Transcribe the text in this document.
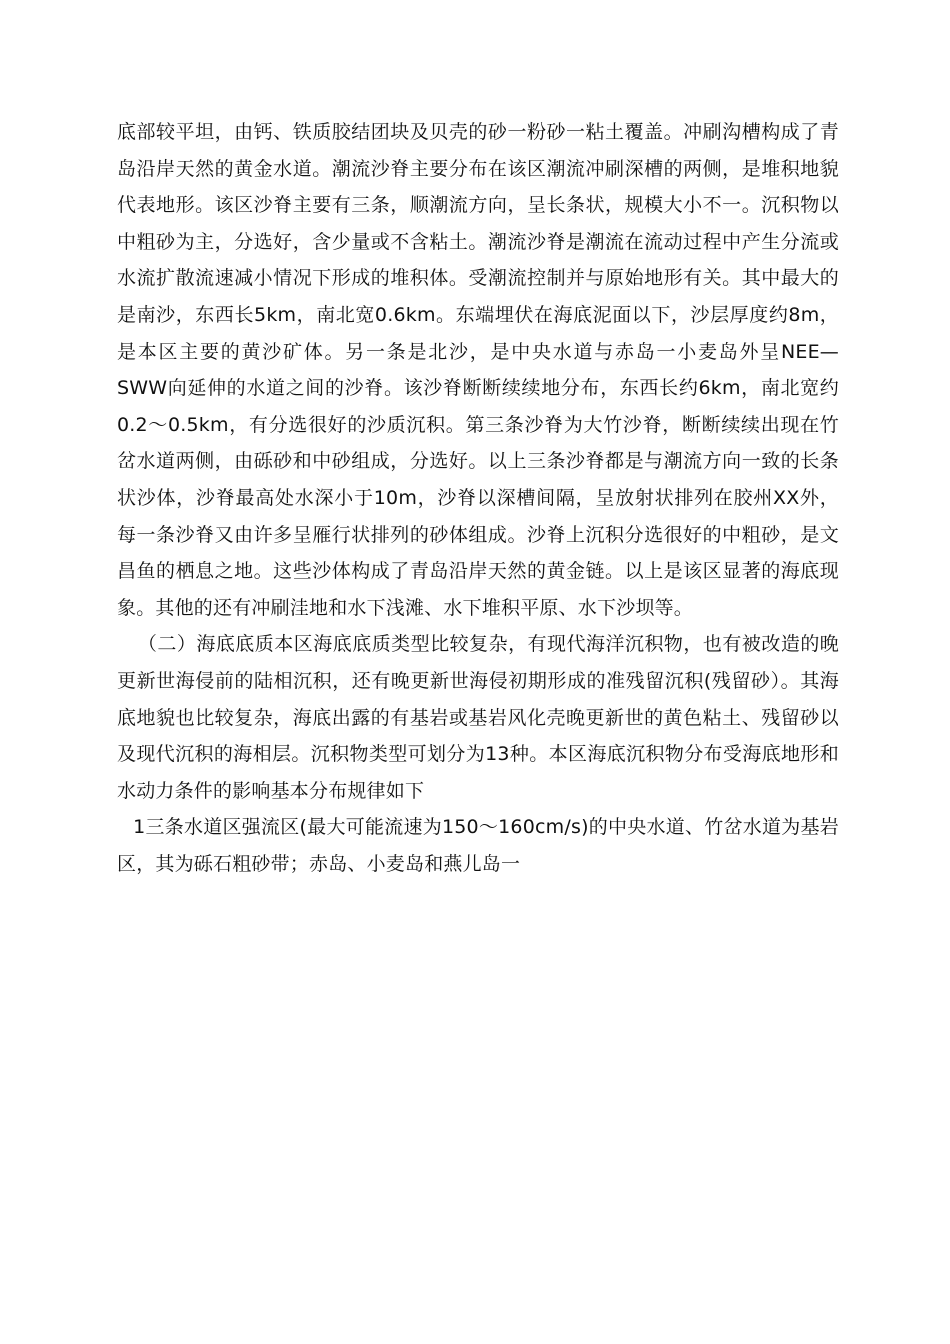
底部较平坦，由钙、铁质胶结团块及贝壳的砂一粉砂一粘土覆盖。冲刷沟槽构成了青岛沿岸天然的黄金水道。潮流沙脊主要分布在该区潮流冲刷深槽的两侧，是堆积地貌代表地形。该区沙脊主要有三条，顺潮流方向，呈长条状，规模大小不一。沉积物以中粗砂为主，分选好，含少量或不含粘土。潮流沙脊是潮流在流动过程中产生分流或水流扩散流速减小情况下形成的堆积体。受潮流控制并与原始地形有关。其中最大的是南沙，东西长5km，南北宽0.6km。东端埋伏在海底泥面以下，沙层厚度约8m，是本区主要的黄沙矿体。另一条是北沙，是中央水道与赤岛一小麦岛外呈NEE—SWW向延伸的水道之间的沙脊。该沙脊断断续续地分布，东西长约6km，南北宽约0.2～0.5km，有分选很好的沙质沉积。第三条沙脊为大竹沙脊，断断续续出现在竹岔水道两侧，由砾砂和中砂组成，分选好。以上三条沙脊都是与潮流方向一致的长条状沙体，沙脊最高处水深小于10m，沙脊以深槽间隔，呈放射状排列在胶州XX外，每一条沙脊又由许多呈雁行状排列的砂体组成。沙脊上沉积分选很好的中粗砂，是文昌鱼的栖息之地。这些沙体构成了青岛沿岸天然的黄金链。以上是该区显著的海底现象。其他的还有冲刷洼地和水下浅滩、水下堆积平原、水下沙坝等。

（二）海底底质本区海底底质类型比较复杂，有现代海洋沉积物，也有被改造的晚更新世海侵前的陆相沉积，还有晚更新世海侵初期形成的准残留沉积(残留砂）。其海底地貌也比较复杂，海底出露的有基岩或基岩风化壳晚更新世的黄色粘土、残留砂以及现代沉积的海相层。沉积物类型可划分为13种。本区海底沉积物分布受海底地形和水动力条件的影响基本分布规律如下

1三条水道区强流区(最大可能流速为150～160cm/s)的中央水道、竹岔水道为基岩区，其为砾石粗砂带；赤岛、小麦岛和燕儿岛一
